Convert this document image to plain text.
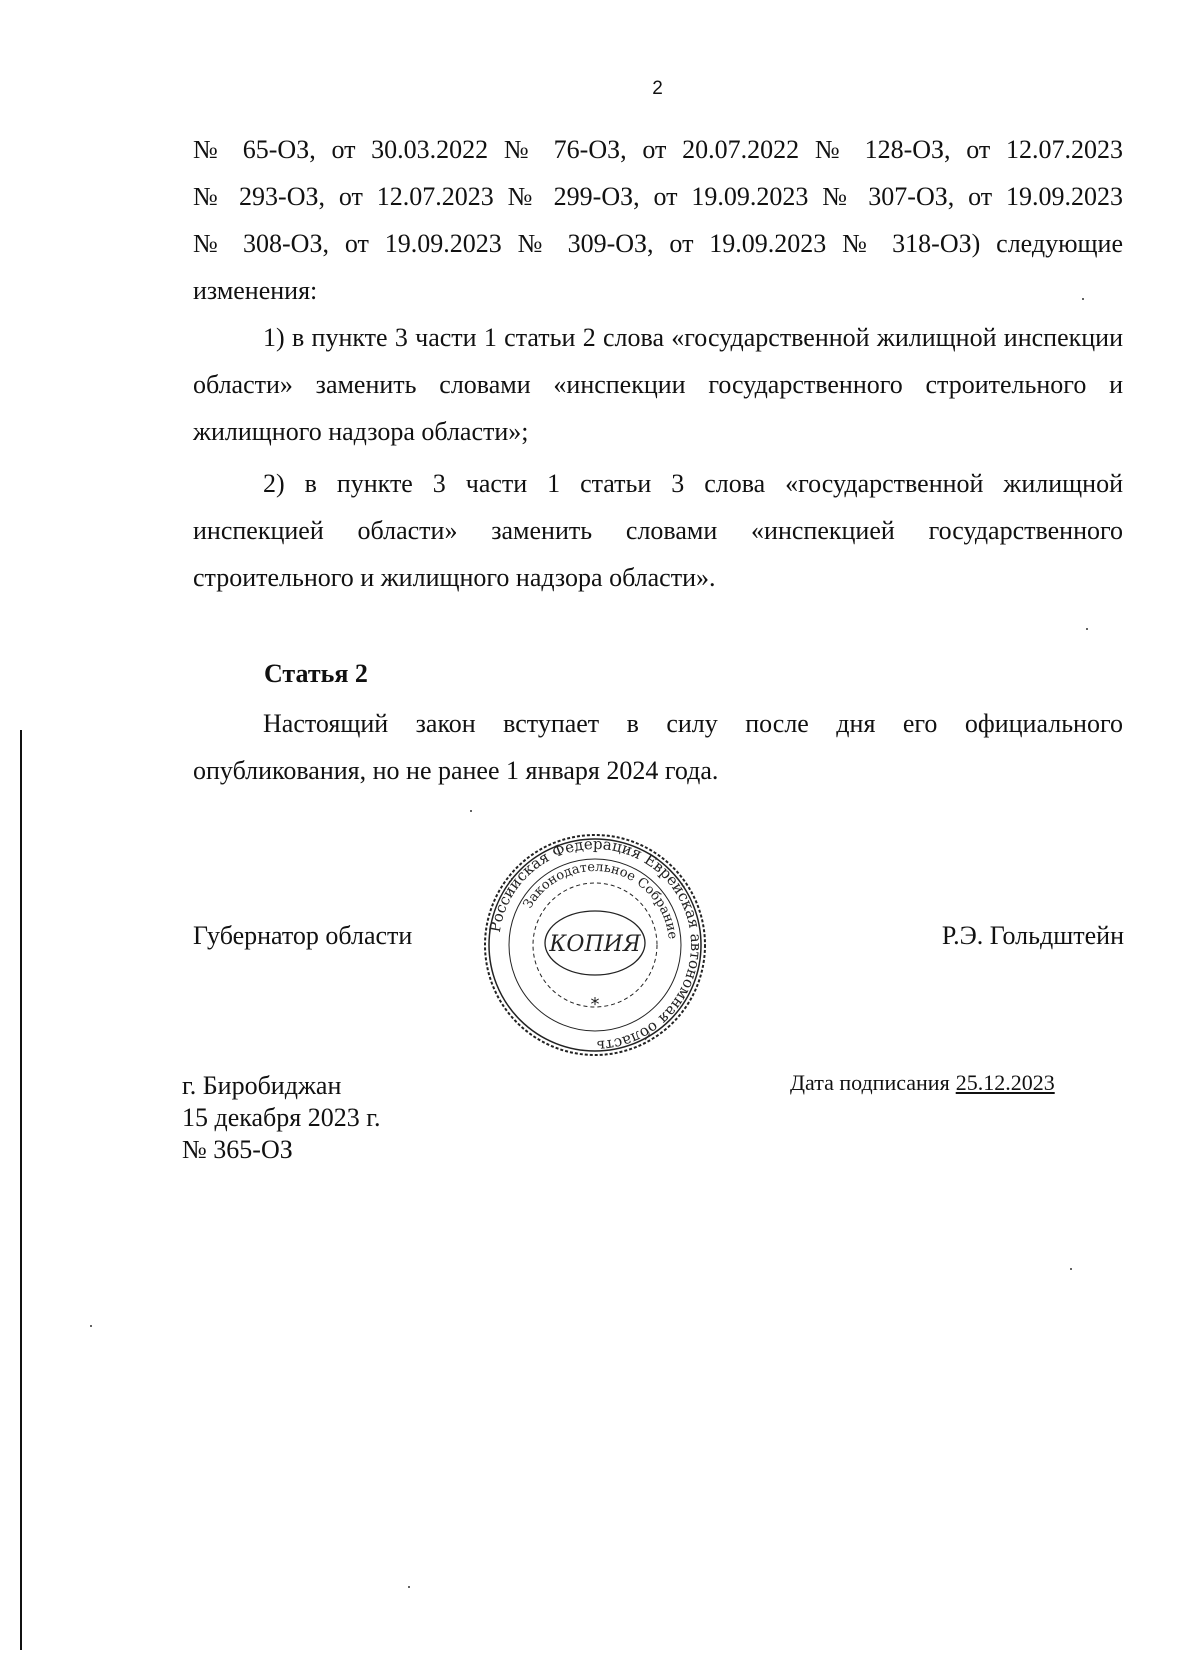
2
№ 65-ОЗ, от 30.03.2022 № 76-ОЗ, от 20.07.2022 № 128-ОЗ, от 12.07.2023
№ 293-ОЗ, от 12.07.2023 № 299-ОЗ, от 19.09.2023 № 307-ОЗ, от 19.09.2023
№ 308-ОЗ, от 19.09.2023 № 309-ОЗ, от 19.09.2023 № 318-ОЗ) следующие
изменения:
1) в пункте 3 части 1 статьи 2 слова «государственной жилищной инспекции области» заменить словами «инспекции государственного строительного и жилищного надзора области»;
2) в пункте 3 части 1 статьи 3 слова «государственной жилищной инспекцией области» заменить словами «инспекцией государственного строительного и жилищного надзора области».
Статья 2
Настоящий закон вступает в силу после дня его официального опубликования, но не ранее 1 января 2024 года.
Губернатор области	Р.Э. Гольдштейн
Российская Федерация Еврейская автономная область
Законодательное Собрание
КОПИЯ
*
г. Биробиджан
15 декабря 2023 г.
№ 365-ОЗ
Дата подписания 25.12.2023
